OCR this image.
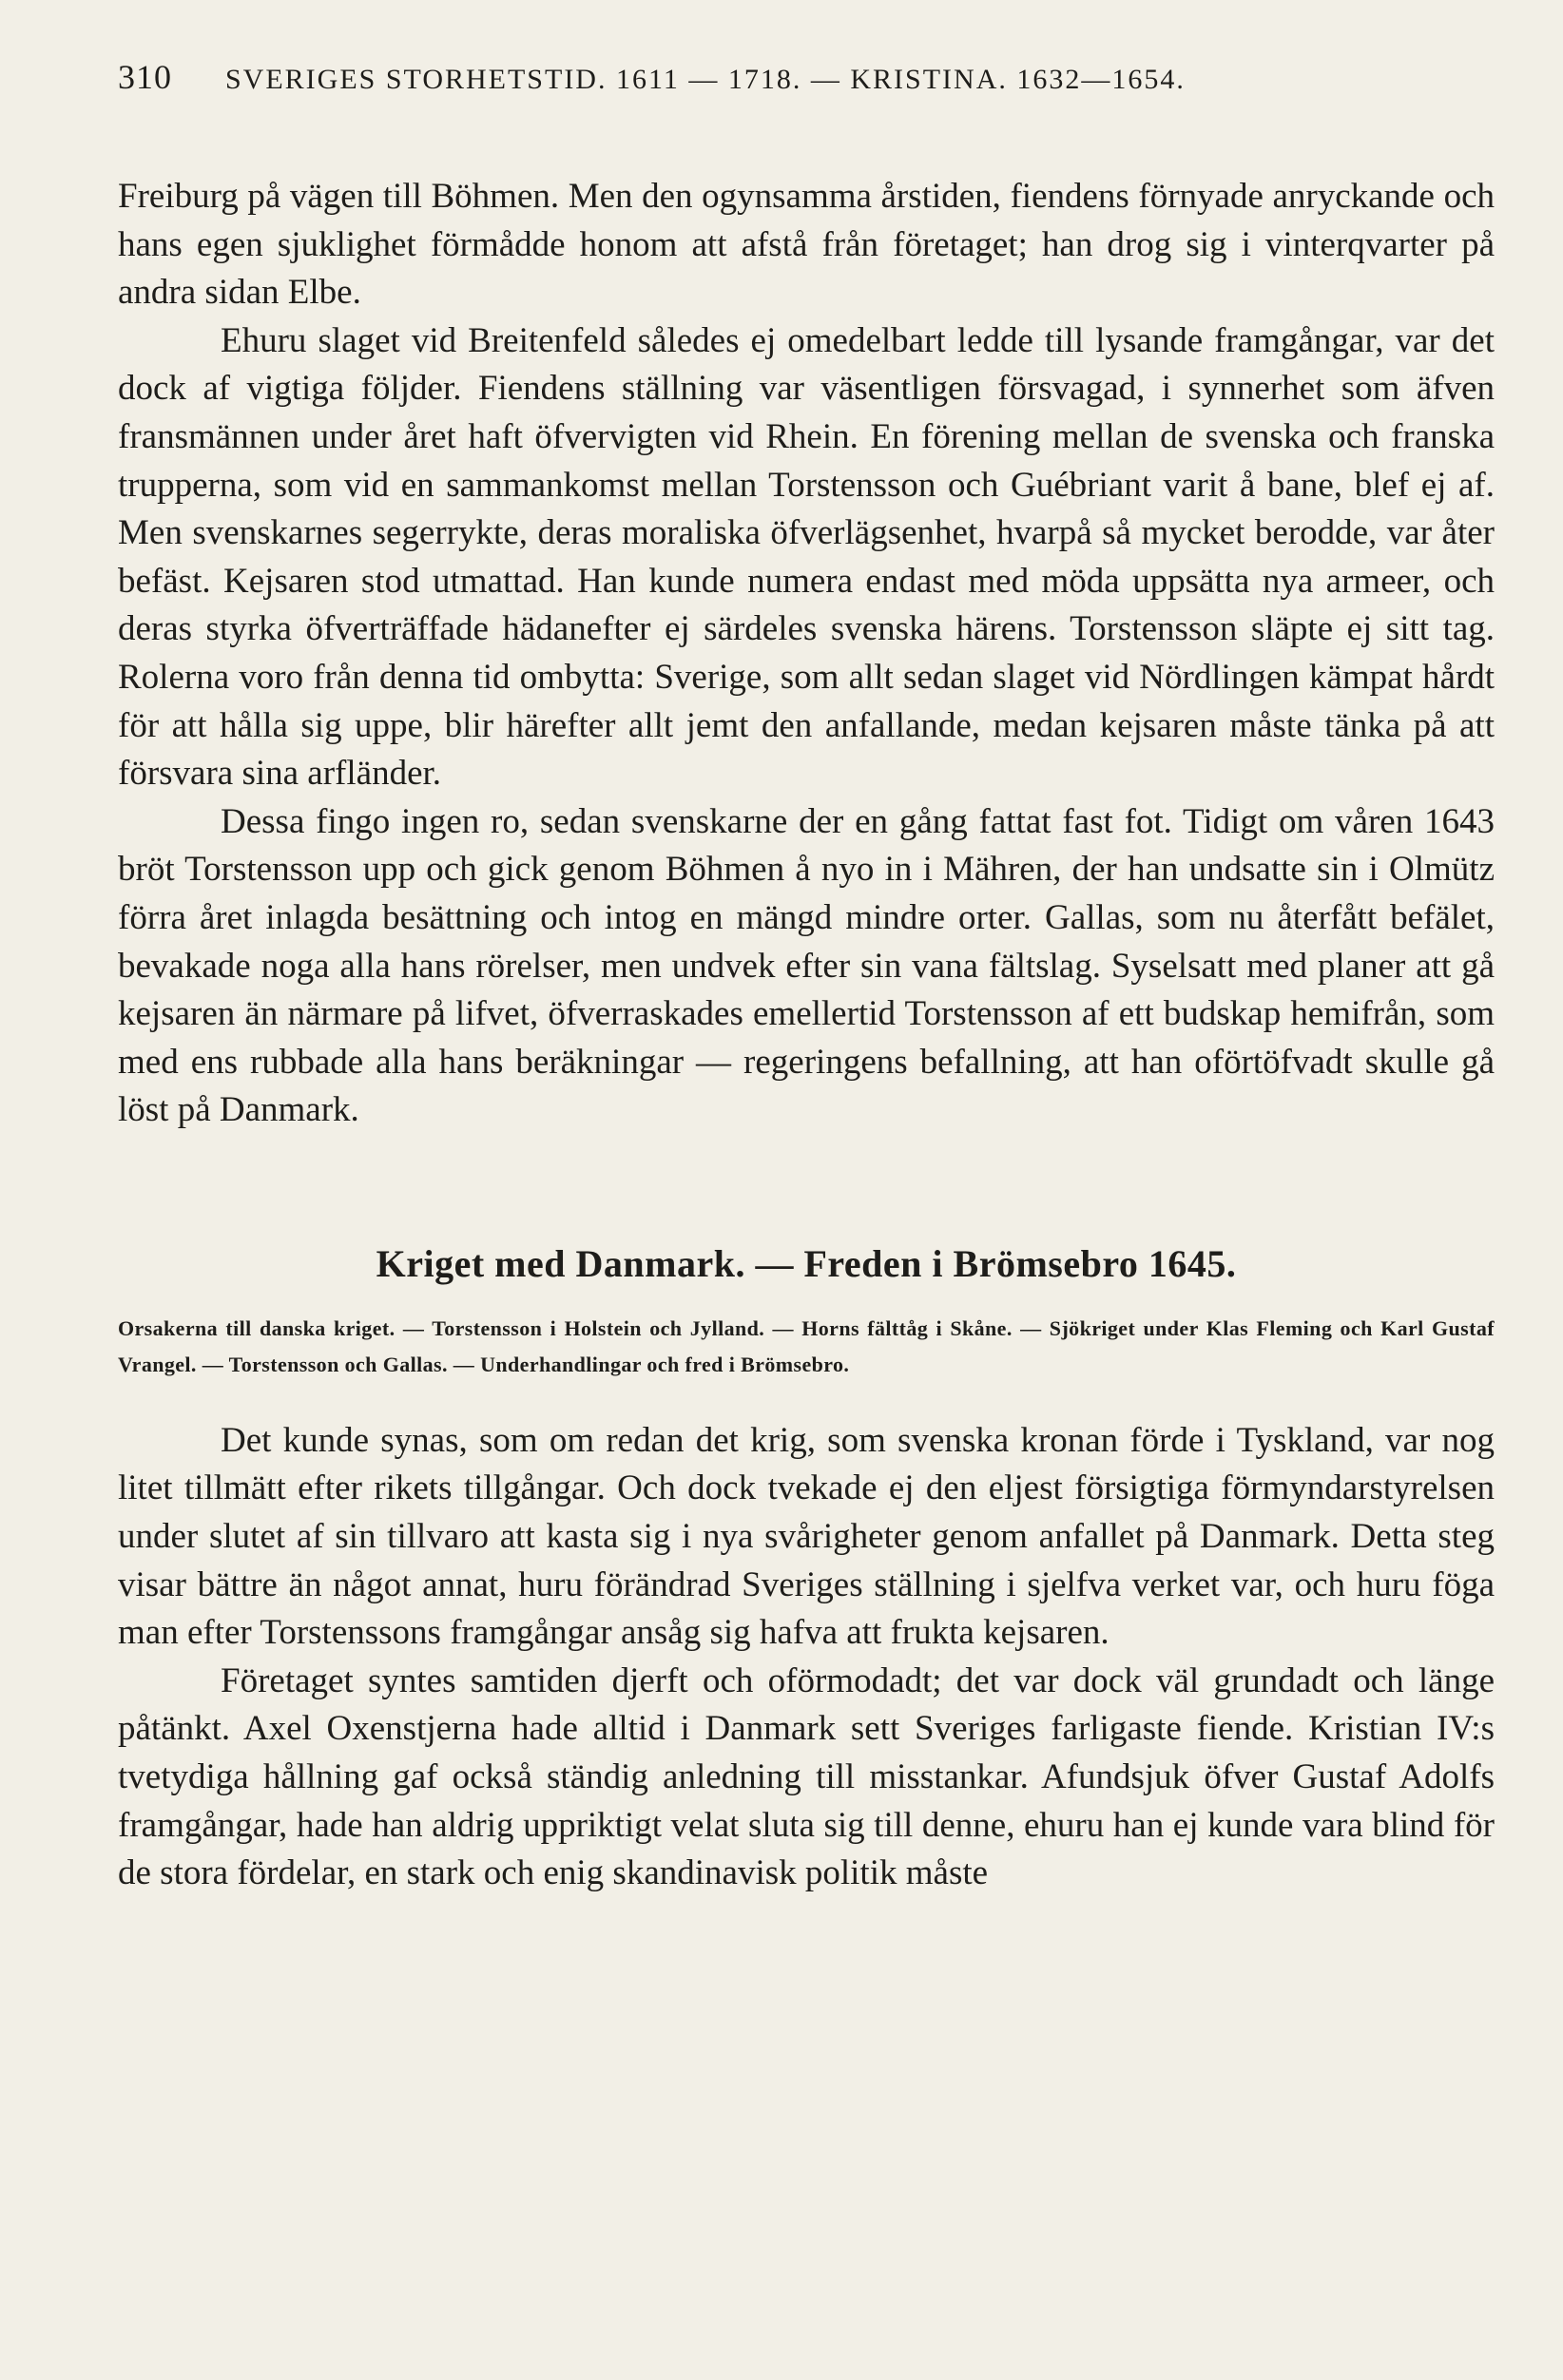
310 SVERIGES STORHETSTID. 1611 — 1718. — KRISTINA. 1632—1654.

Freiburg på vägen till Böhmen. Men den ogynsamma årstiden, fiendens förnyade anryckande och hans egen sjuklighet förmådde honom att afstå från företaget; han drog sig i vinterqvarter på andra sidan Elbe.

Ehuru slaget vid Breitenfeld således ej omedelbart ledde till lysande framgångar, var det dock af vigtiga följder. Fiendens ställning var väsentligen försvagad, i synnerhet som äfven fransmännen under året haft öfvervigten vid Rhein. En förening mellan de svenska och franska trupperna, som vid en sammankomst mellan Torstensson och Guébriant varit å bane, blef ej af. Men svenskarnes segerrykte, deras moraliska öfverlägsenhet, hvarpå så mycket berodde, var åter befäst. Kejsaren stod utmattad. Han kunde numera endast med möda uppsätta nya armeer, och deras styrka öfverträffade hädanefter ej särdeles svenska härens. Torstensson släpte ej sitt tag. Rolerna voro från denna tid ombytta: Sverige, som allt sedan slaget vid Nördlingen kämpat hårdt för att hålla sig uppe, blir härefter allt jemt den anfallande, medan kejsaren måste tänka på att försvara sina arfländer.

Dessa fingo ingen ro, sedan svenskarne der en gång fattat fast fot. Tidigt om våren 1643 bröt Torstensson upp och gick genom Böhmen å nyo in i Mähren, der han undsatte sin i Olmütz förra året inlagda besättning och intog en mängd mindre orter. Gallas, som nu återfått befälet, bevakade noga alla hans rörelser, men undvek efter sin vana fältslag. Syselsatt med planer att gå kejsaren än närmare på lifvet, öfverraskades emellertid Torstensson af ett budskap hemifrån, som med ens rubbade alla hans beräkningar — regeringens befallning, att han oförtöfvadt skulle gå löst på Danmark.

Kriget med Danmark. — Freden i Brömsebro 1645.

Orsakerna till danska kriget. — Torstensson i Holstein och Jylland. — Horns fälttåg i Skåne. — Sjökriget under Klas Fleming och Karl Gustaf Vrangel. — Torstensson och Gallas. — Underhandlingar och fred i Brömsebro.

Det kunde synas, som om redan det krig, som svenska kronan förde i Tyskland, var nog litet tillmätt efter rikets tillgångar. Och dock tvekade ej den eljest försigtiga förmyndarstyrelsen under slutet af sin tillvaro att kasta sig i nya svårigheter genom anfallet på Danmark. Detta steg visar bättre än något annat, huru förändrad Sveriges ställning i sjelfva verket var, och huru föga man efter Torstenssons framgångar ansåg sig hafva att frukta kejsaren.

Företaget syntes samtiden djerft och oförmodadt; det var dock väl grundadt och länge påtänkt. Axel Oxenstjerna hade alltid i Danmark sett Sveriges farligaste fiende. Kristian IV:s tvetydiga hållning gaf också ständig anledning till misstankar. Afundsjuk öfver Gustaf Adolfs framgångar, hade han aldrig uppriktigt velat sluta sig till denne, ehuru han ej kunde vara blind för de stora fördelar, en stark och enig skandinavisk politik måste
